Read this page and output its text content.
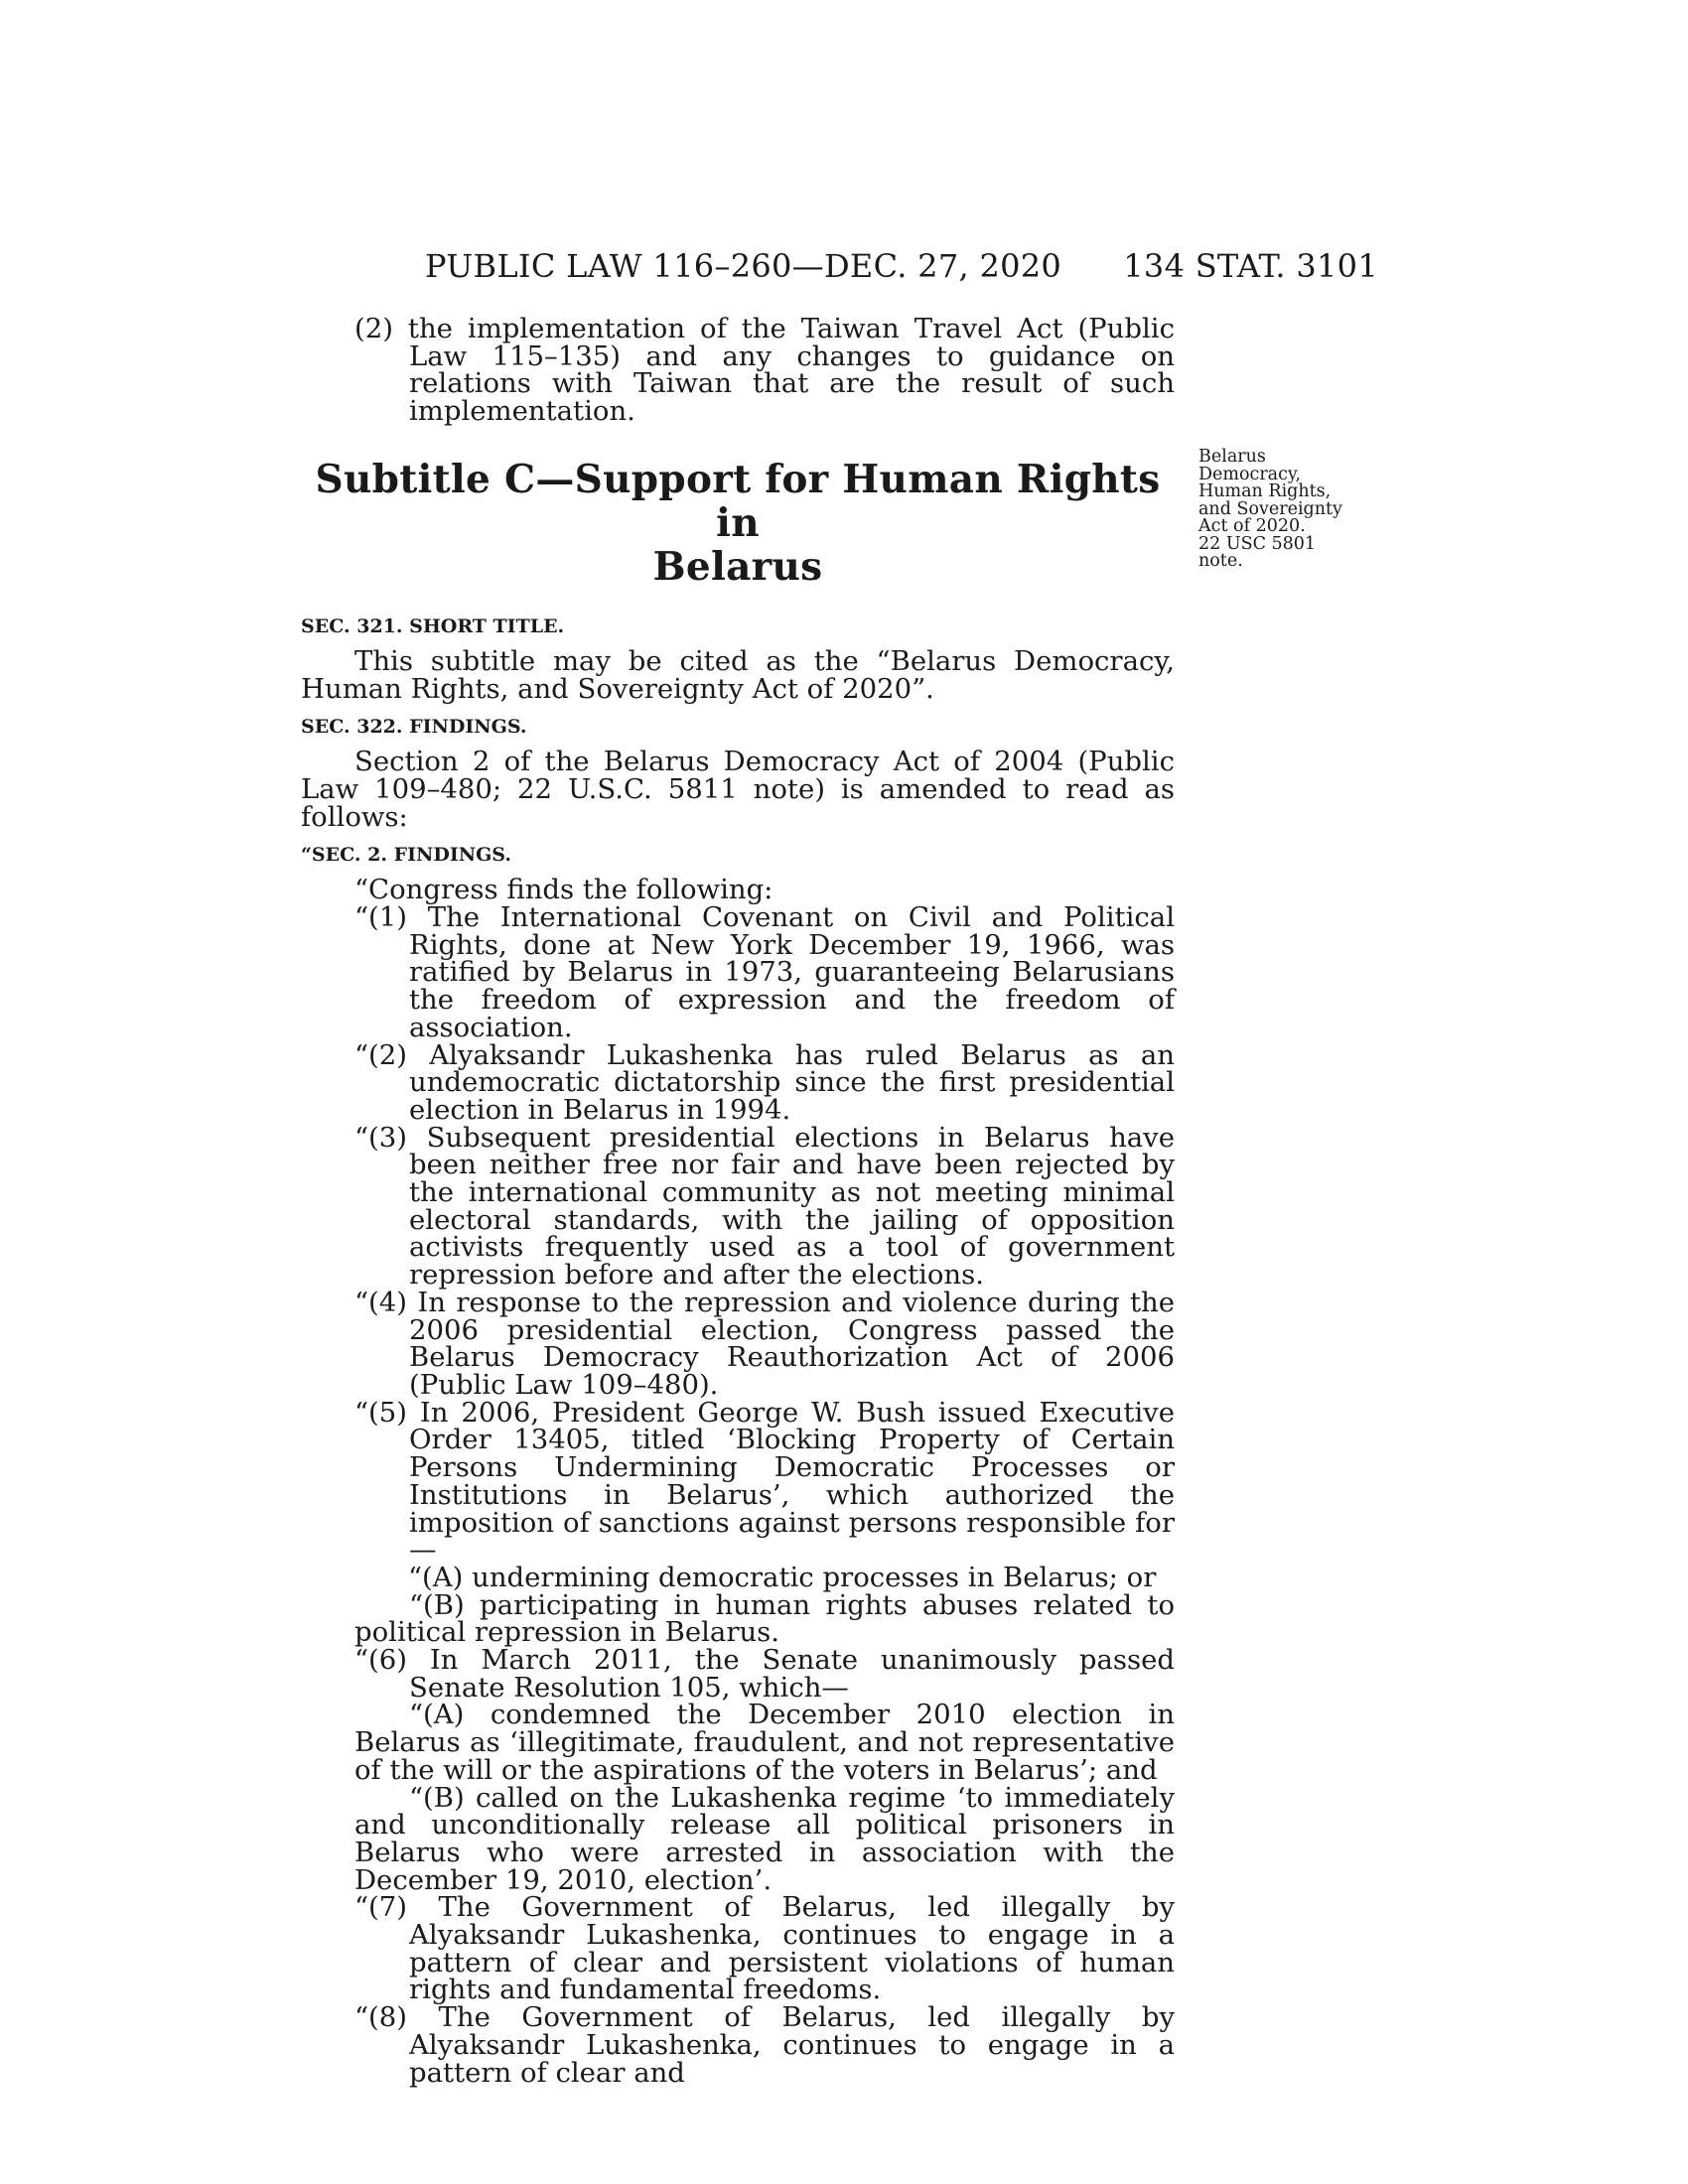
PUBLIC LAW 116–260—DEC. 27, 2020 134 STAT. 3101
Belarus
Democracy,
Human Rights,
and Sovereignty
Act of 2020.
22 USC 5801
note.

(2) the implementation of the Taiwan Travel Act (Public Law 115–135) and any changes to guidance on relations with Taiwan that are the result of such implementation.

Subtitle C—Support for Human Rights in
Belarus
SEC. 321. SHORT TITLE.

This subtitle may be cited as the “Belarus Democracy, Human Rights, and Sovereignty Act of 2020”.

SEC. 322. FINDINGS.

Section 2 of the Belarus Democracy Act of 2004 (Public Law 109–480; 22 U.S.C. 5811 note) is amended to read as follows:

“SEC. 2. FINDINGS.

“Congress finds the following:

“(1) The International Covenant on Civil and Political Rights, done at New York December 19, 1966, was ratified by Belarus in 1973, guaranteeing Belarusians the freedom of expression and the freedom of association.

“(2) Alyaksandr Lukashenka has ruled Belarus as an undemocratic dictatorship since the first presidential election in Belarus in 1994.

“(3) Subsequent presidential elections in Belarus have been neither free nor fair and have been rejected by the international community as not meeting minimal electoral standards, with the jailing of opposition activists frequently used as a tool of government repression before and after the elections.

“(4) In response to the repression and violence during the 2006 presidential election, Congress passed the Belarus Democracy Reauthorization Act of 2006 (Public Law 109–480).

“(5) In 2006, President George W. Bush issued Executive Order 13405, titled ‘Blocking Property of Certain Persons Undermining Democratic Processes or Institutions in Belarus’, which authorized the imposition of sanctions against persons responsible for—

“(A) undermining democratic processes in Belarus; or

“(B) participating in human rights abuses related to political repression in Belarus.

“(6) In March 2011, the Senate unanimously passed Senate Resolution 105, which—

“(A) condemned the December 2010 election in Belarus as ‘illegitimate, fraudulent, and not representative of the will or the aspirations of the voters in Belarus’; and

“(B) called on the Lukashenka regime ‘to immediately and unconditionally release all political prisoners in Belarus who were arrested in association with the December 19, 2010, election’.

“(7) The Government of Belarus, led illegally by Alyaksandr Lukashenka, continues to engage in a pattern of clear and persistent violations of human rights and fundamental freedoms.

“(8) The Government of Belarus, led illegally by Alyaksandr Lukashenka, continues to engage in a pattern of clear and
